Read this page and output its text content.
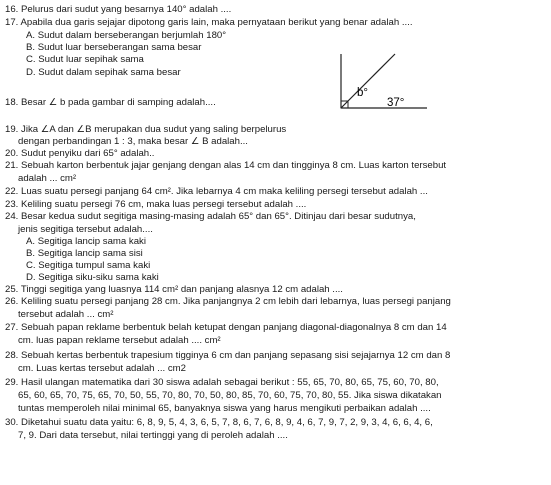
16. Pelurus dari sudut yang besarnya 140° adalah ....
17. Apabila dua garis sejajar dipotong garis lain, maka pernyataan berikut yang benar adalah ....
A. Sudut dalam berseberangan berjumlah 180°
B. Sudut luar berseberangan sama besar
C. Sudut luar sepihak sama
D. Sudut dalam sepihak sama besar
18. Besar ∠ b pada gambar di samping adalah....
b°
37°
19. Jika ∠A dan ∠B merupakan dua sudut yang saling berpelurus
dengan perbandingan 1 : 3, maka besar ∠ B adalah...
20. Sudut penyiku dari 65° adalah..
21. Sebuah karton berbentuk jajar genjang dengan alas 14 cm dan tingginya 8 cm. Luas karton tersebut
adalah ... cm²
22. Luas suatu persegi panjang 64 cm². Jika lebarnya 4 cm maka keliling persegi tersebut adalah ...
23. Keliling suatu persegi 76 cm, maka luas persegi tersebut adalah ....
24. Besar kedua sudut segitiga masing-masing adalah 65° dan 65°. Ditinjau dari besar sudutnya,
jenis segitiga tersebut adalah....
A. Segitiga lancip sama kaki
B. Segitiga lancip sama sisi
C. Segitiga tumpul sama kaki
D. Segitiga siku-siku sama kaki
25. Tinggi segitiga yang luasnya 114 cm² dan panjang alasnya 12 cm adalah ....
26. Keliling suatu persegi panjang 28 cm. Jika panjangnya 2 cm lebih dari lebarnya, luas persegi panjang
tersebut adalah ... cm²
27. Sebuah papan reklame berbentuk belah ketupat dengan panjang diagonal-diagonalnya 8 cm dan 14
cm. luas papan reklame tersebut adalah .... cm²
28. Sebuah kertas berbentuk trapesium tigginya 6 cm dan panjang sepasang sisi sejajarnya 12 cm dan 8
cm. Luas kertas tersebut adalah ... cm2
29. Hasil ulangan matematika dari 30 siswa adalah sebagai berikut : 55, 65, 70, 80, 65, 75, 60, 70, 80,
65, 60, 65, 70, 75, 65, 70, 50, 55, 70, 80, 70, 50, 80, 85, 70, 60, 75, 70, 80, 55. Jika siswa dikatakan
tuntas memperoleh nilai minimal 65, banyaknya siswa yang harus mengikuti perbaikan adalah ....
30. Diketahui suatu data yaitu: 6, 8, 9, 5, 4, 3, 6, 5, 7, 8, 6, 7, 6, 8, 9, 4, 6, 7, 9, 7, 2, 9, 3, 4, 6, 6, 4, 6,
7, 9. Dari data tersebut, nilai tertinggi yang di peroleh adalah ....
